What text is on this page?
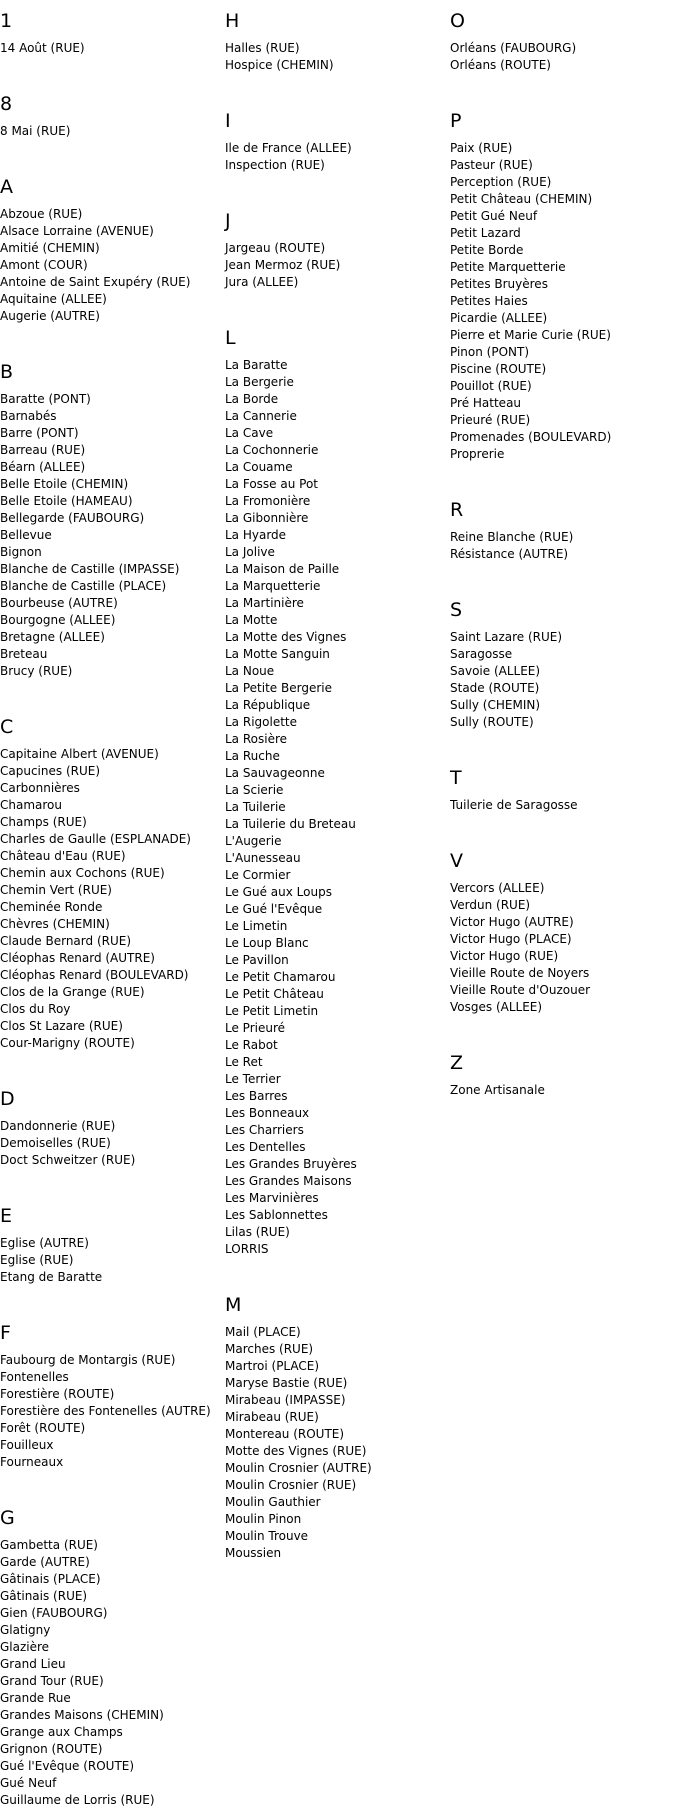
1
14 Août (RUE)
8
8 Mai (RUE)
A
Abzoue (RUE)
Alsace Lorraine (AVENUE)
Amitié (CHEMIN)
Amont (COUR)
Antoine de Saint Exupéry (RUE)
Aquitaine (ALLEE)
Augerie (AUTRE)
B
Baratte (PONT)
Barnabés
Barre (PONT)
Barreau (RUE)
Béarn (ALLEE)
Belle Etoile (CHEMIN)
Belle Etoile (HAMEAU)
Bellegarde (FAUBOURG)
Bellevue
Bignon
Blanche de Castille (IMPASSE)
Blanche de Castille (PLACE)
Bourbeuse (AUTRE)
Bourgogne (ALLEE)
Bretagne (ALLEE)
Breteau
Brucy (RUE)
C
Capitaine Albert (AVENUE)
Capucines (RUE)
Carbonnières
Chamarou
Champs (RUE)
Charles de Gaulle (ESPLANADE)
Château d'Eau (RUE)
Chemin aux Cochons (RUE)
Chemin Vert (RUE)
Cheminée Ronde
Chèvres (CHEMIN)
Claude Bernard (RUE)
Cléophas Renard (AUTRE)
Cléophas Renard (BOULEVARD)
Clos de la Grange (RUE)
Clos du Roy
Clos St Lazare (RUE)
Cour-Marigny (ROUTE)
D
Dandonnerie (RUE)
Demoiselles (RUE)
Doct Schweitzer (RUE)
E
Eglise (AUTRE)
Eglise (RUE)
Etang de Baratte
F
Faubourg de Montargis (RUE)
Fontenelles
Forestière (ROUTE)
Forestière des Fontenelles (AUTRE)
Forêt (ROUTE)
Fouilleux
Fourneaux
G
Gambetta (RUE)
Garde (AUTRE)
Gâtinais (PLACE)
Gâtinais (RUE)
Gien (FAUBOURG)
Glatigny
Glazière
Grand Lieu
Grand Tour (RUE)
Grande Rue
Grandes Maisons (CHEMIN)
Grange aux Champs
Grignon (ROUTE)
Gué l'Evêque (ROUTE)
Gué Neuf
Guillaume de Lorris (RUE)
H
Halles (RUE)
Hospice (CHEMIN)
I
Ile de France (ALLEE)
Inspection (RUE)
J
Jargeau (ROUTE)
Jean Mermoz (RUE)
Jura (ALLEE)
L
La Baratte
La Bergerie
La Borde
La Cannerie
La Cave
La Cochonnerie
La Couame
La Fosse au Pot
La Fromonière
La Gibonnière
La Hyarde
La Jolive
La Maison de Paille
La Marquetterie
La Martinière
La Motte
La Motte des Vignes
La Motte Sanguin
La Noue
La Petite Bergerie
La République
La Rigolette
La Rosière
La Ruche
La Sauvageonne
La Scierie
La Tuilerie
La Tuilerie du Breteau
L'Augerie
L'Aunesseau
Le Cormier
Le Gué aux Loups
Le Gué l'Evêque
Le Limetin
Le Loup Blanc
Le Pavillon
Le Petit Chamarou
Le Petit Château
Le Petit Limetin
Le Prieuré
Le Rabot
Le Ret
Le Terrier
Les Barres
Les Bonneaux
Les Charriers
Les Dentelles
Les Grandes Bruyères
Les Grandes Maisons
Les Marvinières
Les Sablonnettes
Lilas (RUE)
LORRIS
M
Mail (PLACE)
Marches (RUE)
Martroi (PLACE)
Maryse Bastie (RUE)
Mirabeau (IMPASSE)
Mirabeau (RUE)
Montereau (ROUTE)
Motte des Vignes (RUE)
Moulin Crosnier (AUTRE)
Moulin Crosnier (RUE)
Moulin Gauthier
Moulin Pinon
Moulin Trouve
Moussien
O
Orléans (FAUBOURG)
Orléans (ROUTE)
P
Paix (RUE)
Pasteur (RUE)
Perception (RUE)
Petit Château (CHEMIN)
Petit Gué Neuf
Petit Lazard
Petite Borde
Petite Marquetterie
Petites Bruyères
Petites Haies
Picardie (ALLEE)
Pierre et Marie Curie (RUE)
Pinon (PONT)
Piscine (ROUTE)
Pouillot (RUE)
Pré Hatteau
Prieuré (RUE)
Promenades (BOULEVARD)
Proprerie
R
Reine Blanche (RUE)
Résistance (AUTRE)
S
Saint Lazare (RUE)
Saragosse
Savoie (ALLEE)
Stade (ROUTE)
Sully (CHEMIN)
Sully (ROUTE)
T
Tuilerie de Saragosse
V
Vercors (ALLEE)
Verdun (RUE)
Victor Hugo (AUTRE)
Victor Hugo (PLACE)
Victor Hugo (RUE)
Vieille Route de Noyers
Vieille Route d'Ouzouer
Vosges (ALLEE)
Z
Zone Artisanale
